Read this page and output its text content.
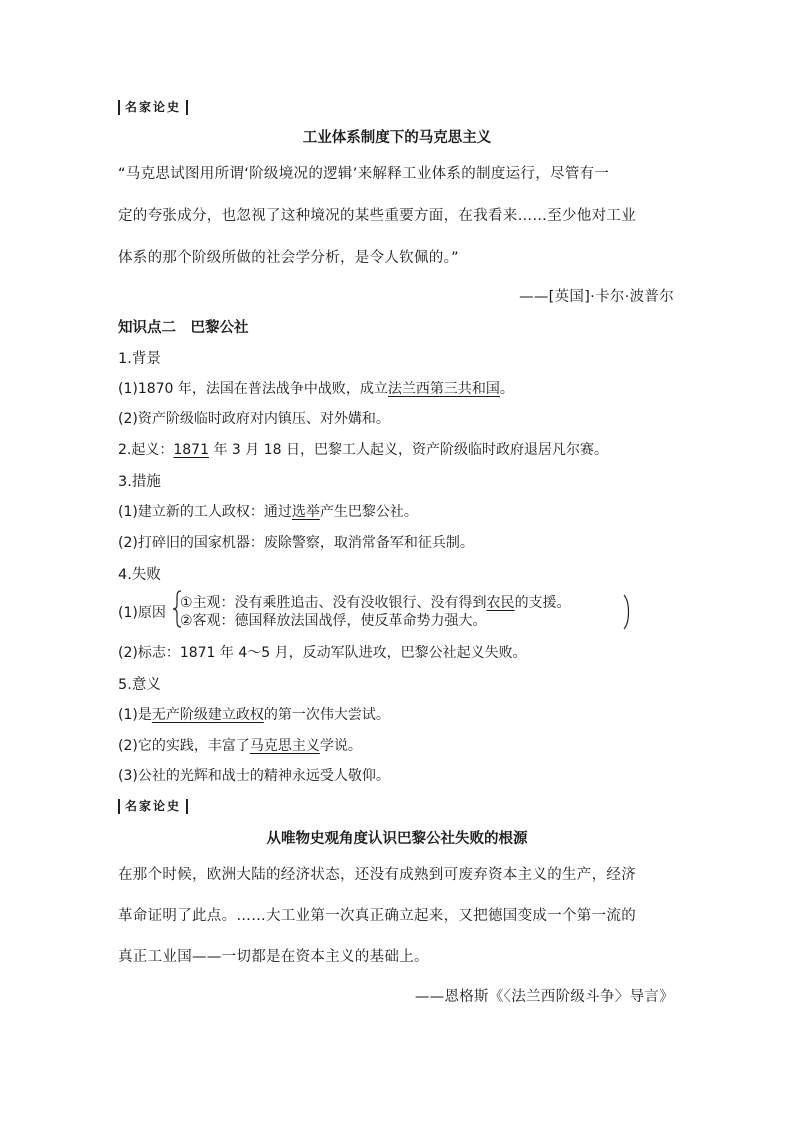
名家论史
工业体系制度下的马克思主义
“马克思试图用所谓‘阶级境况的逻辑’来解释工业体系的制度运行，尽管有一
定的夸张成分，也忽视了这种境况的某些重要方面，在我看来……至少他对工业
体系的那个阶级所做的社会学分析，是令人钦佩的。”
——[英国]·卡尔·波普尔
知识点二　巴黎公社
1.背景
(1)1870 年，法国在普法战争中战败，成立法兰西第三共和国。
(2)资产阶级临时政府对内镇压、对外媾和。
2.起义：1871 年 3 月 18 日，巴黎工人起义，资产阶级临时政府退居凡尔赛。
3.措施
(1)建立新的工人政权：通过选举产生巴黎公社。
(2)打碎旧的国家机器：废除警察，取消常备军和征兵制。
4.失败
(1)原因
①主观：没有乘胜追击、没有没收银行、没有得到农民的支援。
②客观：德国释放法国战俘，使反革命势力强大。
(2)标志：1871 年 4～5 月，反动军队进攻，巴黎公社起义失败。
5.意义
(1)是无产阶级建立政权的第一次伟大尝试。
(2)它的实践，丰富了马克思主义学说。
(3)公社的光辉和战士的精神永远受人敬仰。
名家论史
从唯物史观角度认识巴黎公社失败的根源
在那个时候，欧洲大陆的经济状态，还没有成熟到可废弃资本主义的生产，经济
革命证明了此点。……大工业第一次真正确立起来，又把德国变成一个第一流的
真正工业国——一切都是在资本主义的基础上。
——恩格斯《〈法兰西阶级斗争〉导言》
